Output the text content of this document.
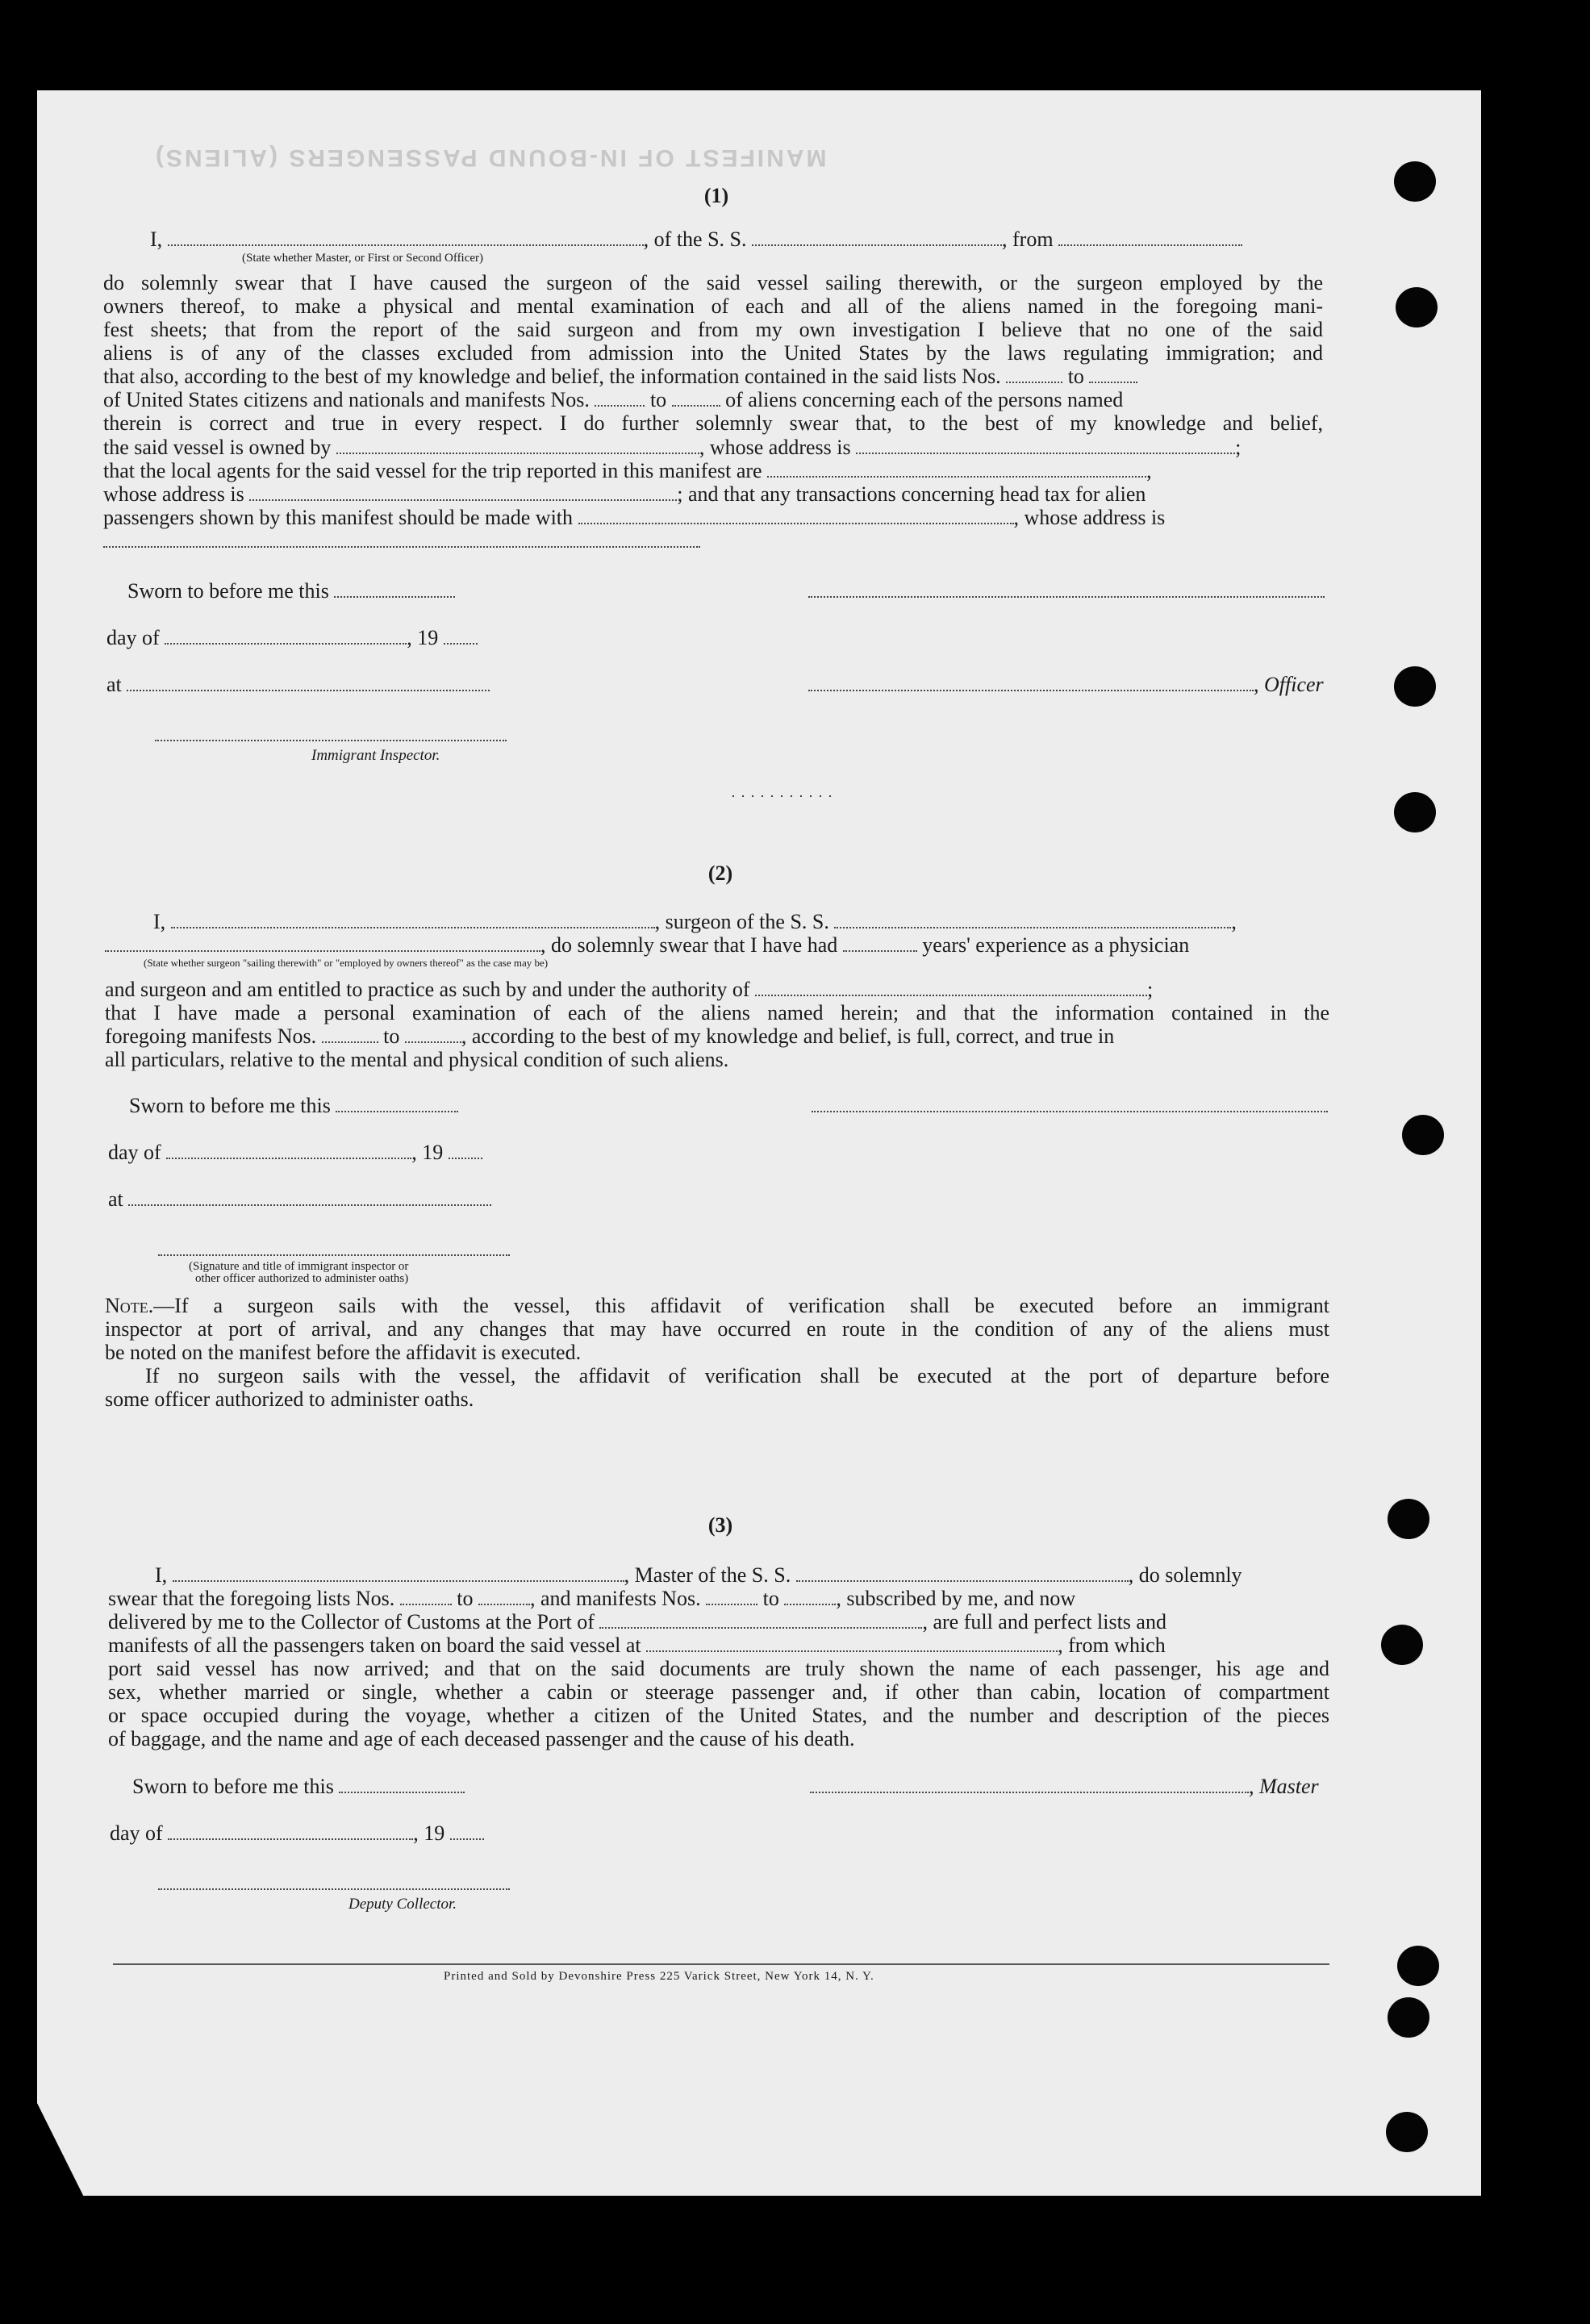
MANIFEST OF IN-BOUND PASSENGERS (ALIENS)
(1)
I,	, of the S. S.	, from
(State whether Master, or First or Second Officer)
do solemnly swear that I have caused the surgeon of the said vessel sailing therewith, or the surgeon employed by the
owners thereof, to make a physical and mental examination of each and all of the aliens named in the foregoing mani-
fest sheets; that from the report of the said surgeon and from my own investigation I believe that no one of the said
aliens is of any of the classes excluded from admission into the United States by the laws regulating immigration; and
that also, according to the best of my knowledge and belief, the information contained in the said lists Nos.	to
of United States citizens and nationals and manifests Nos.	to	of aliens concerning each of the persons named
therein is correct and true in every respect. I do further solemnly swear that, to the best of my knowledge and belief,
the said vessel is owned by	, whose address is	;
that the local agents for the said vessel for the trip reported in this manifest are	,
whose address is	; and that any transactions concerning head tax for alien
passengers shown by this manifest should be made with	, whose address is
Sworn to before me this
day of	, 19
at	, Officer
Immigrant Inspector.
···········
(2)
I,	, surgeon of the S. S.	,
, do solemnly swear that I have had	years' experience as a physician
(State whether surgeon "sailing therewith" or "employed by owners thereof" as the case may be)
and surgeon and am entitled to practice as such by and under the authority of	;
that I have made a personal examination of each of the aliens named herein; and that the information contained in the
foregoing manifests Nos.	to	, according to the best of my knowledge and belief, is full, correct, and true in
all particulars, relative to the mental and physical condition of such aliens.
Sworn to before me this
day of	, 19
at
(Signature and title of immigrant inspector or
other officer authorized to administer oaths)
Note.—If a surgeon sails with the vessel, this affidavit of verification shall be executed before an immigrant
inspector at port of arrival, and any changes that may have occurred en route in the condition of any of the aliens must
be noted on the manifest before the affidavit is executed.
If no surgeon sails with the vessel, the affidavit of verification shall be executed at the port of departure before
some officer authorized to administer oaths.
(3)
I,	, Master of the S. S.	, do solemnly
swear that the foregoing lists Nos.	to	, and manifests Nos.	to	, subscribed by me, and now
delivered by me to the Collector of Customs at the Port of	, are full and perfect lists and
manifests of all the passengers taken on board the said vessel at	, from which
port said vessel has now arrived; and that on the said documents are truly shown the name of each passenger, his age and
sex, whether married or single, whether a cabin or steerage passenger and, if other than cabin, location of compartment
or space occupied during the voyage, whether a citizen of the United States, and the number and description of the pieces
of baggage, and the name and age of each deceased passenger and the cause of his death.
Sworn to before me this	, Master
day of	, 19
Deputy Collector.
Printed and Sold by Devonshire Press 225 Varick Street, New York 14, N. Y.
